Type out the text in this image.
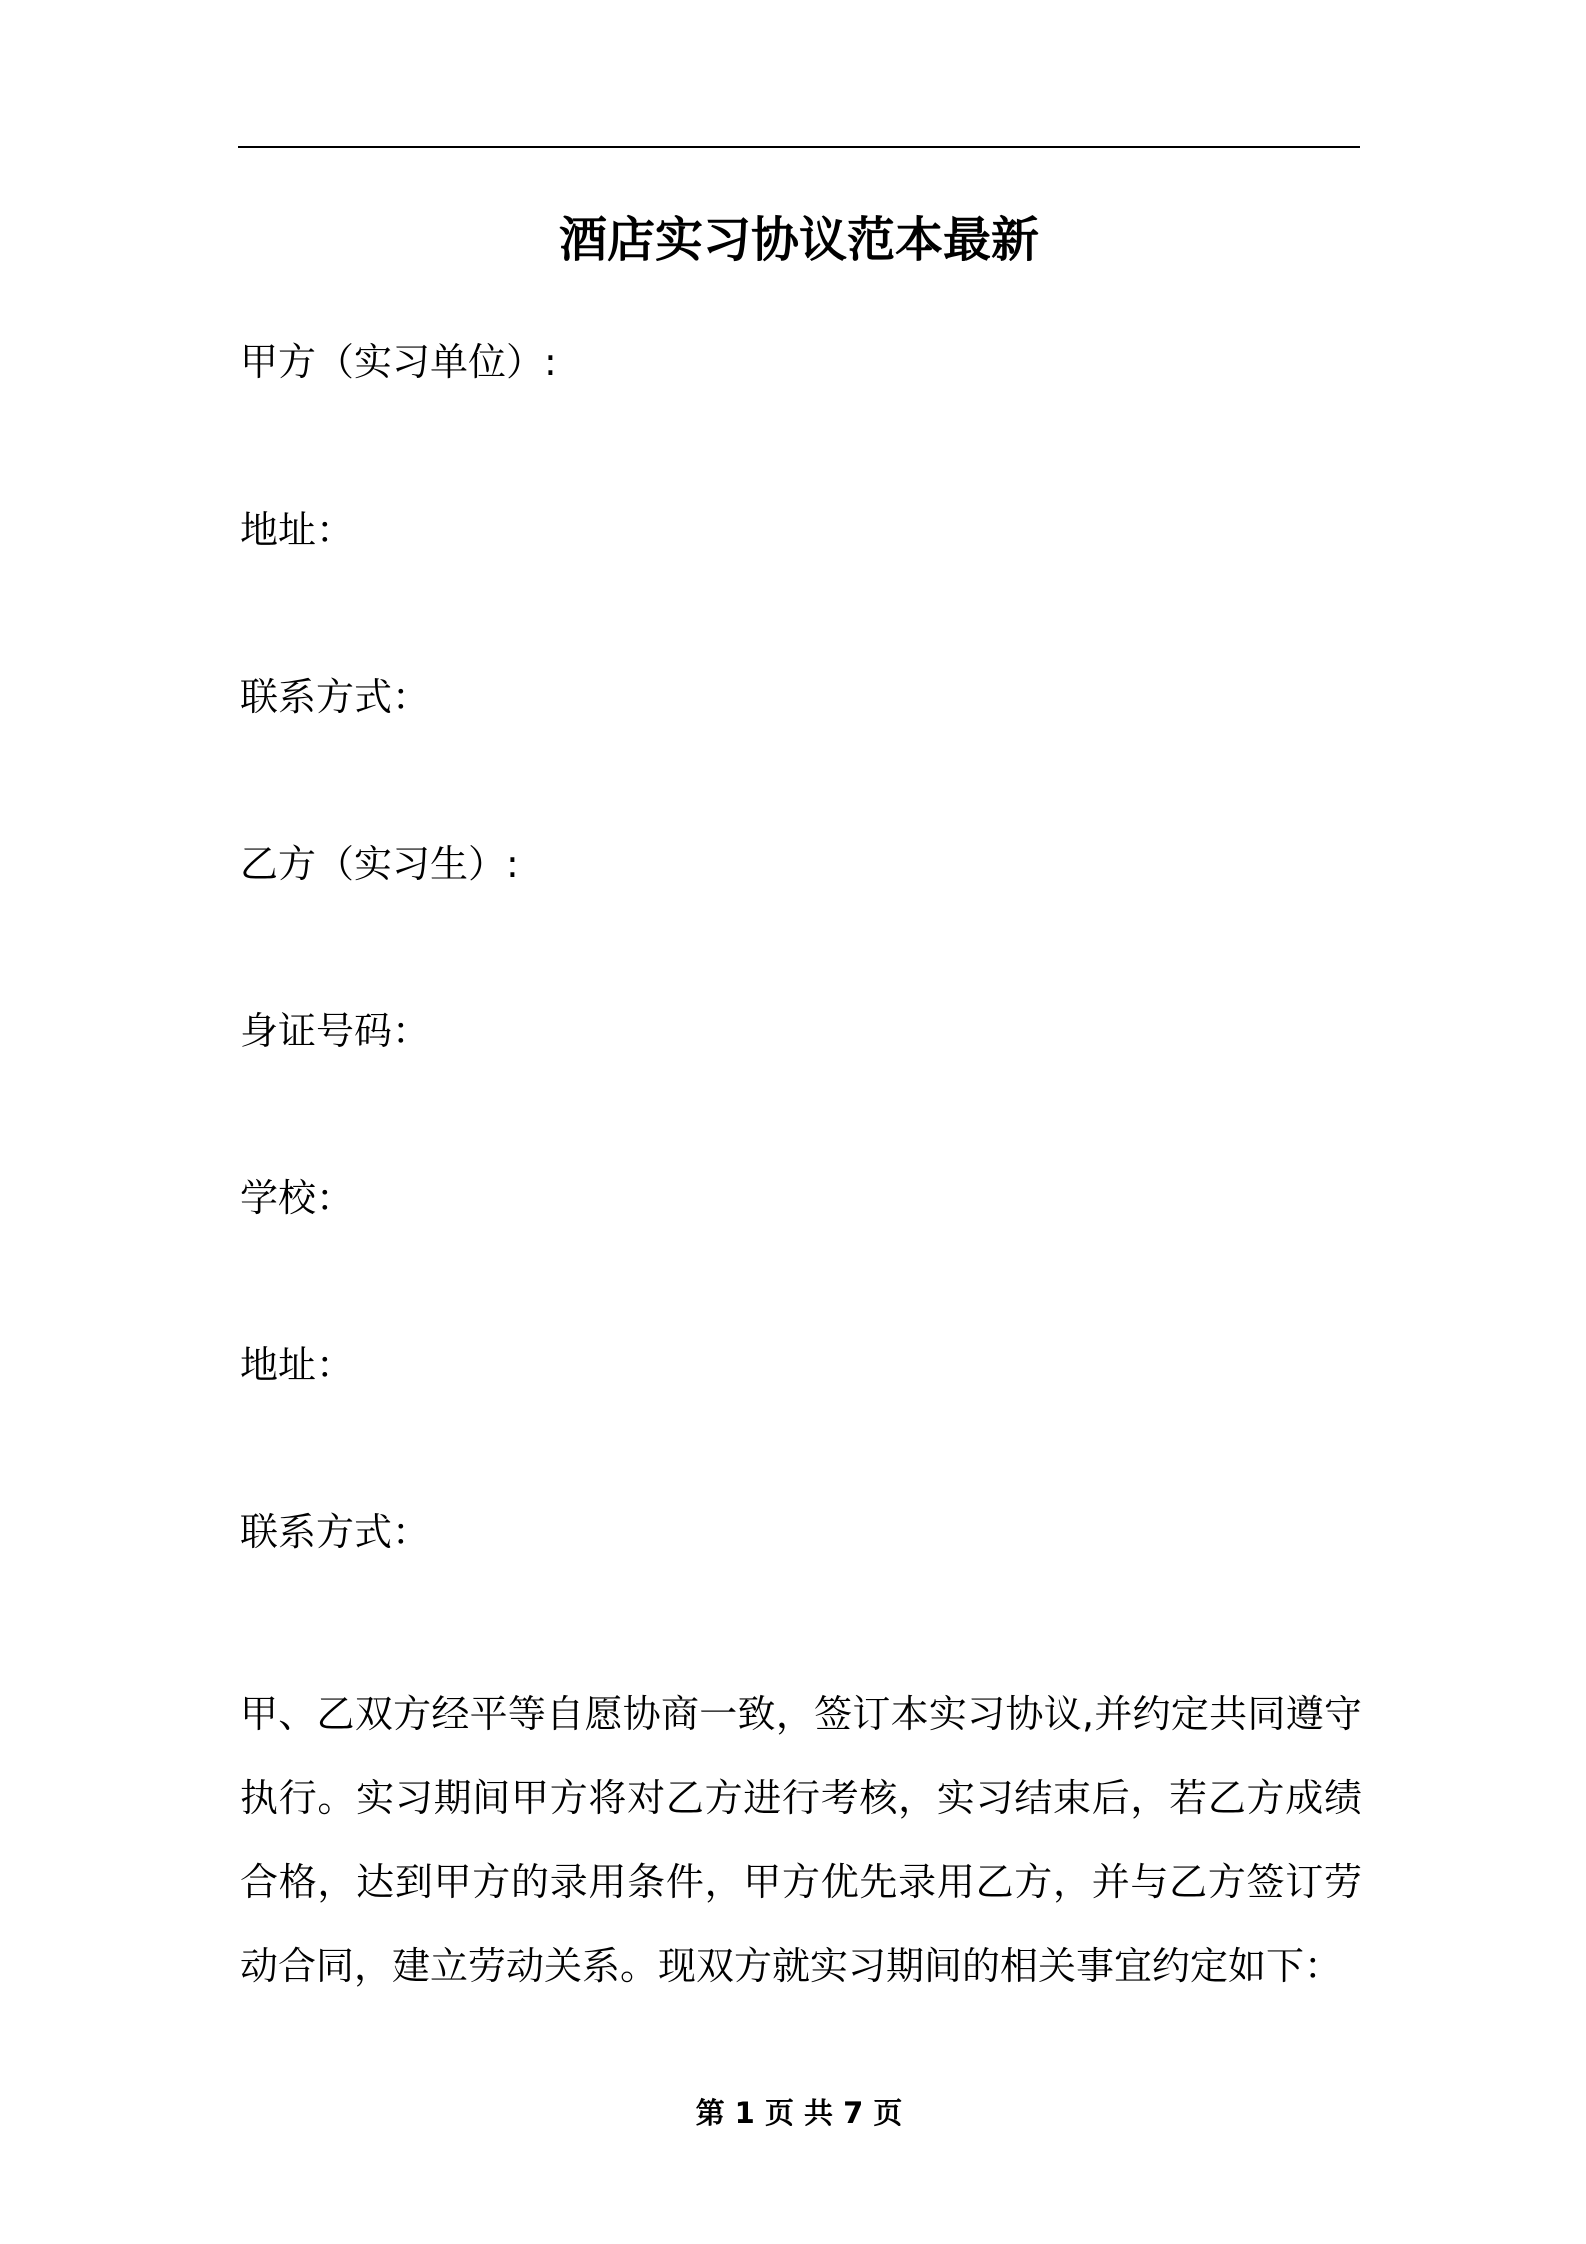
酒店实习协议范本最新
甲方（实习单位）:
地址：
联系方式：
乙方（实习生）:
身证号码：
学校：
地址：
联系方式：
甲、乙双方经平等自愿协商一致，签订本实习协议,并约定共同遵守执行。实习期间甲方将对乙方进行考核，实习结束后，若乙方成绩合格，达到甲方的录用条件，甲方优先录用乙方，并与乙方签订劳动合同，建立劳动关系。现双方就实习期间的相关事宜约定如下：
第 1 页 共 7 页
